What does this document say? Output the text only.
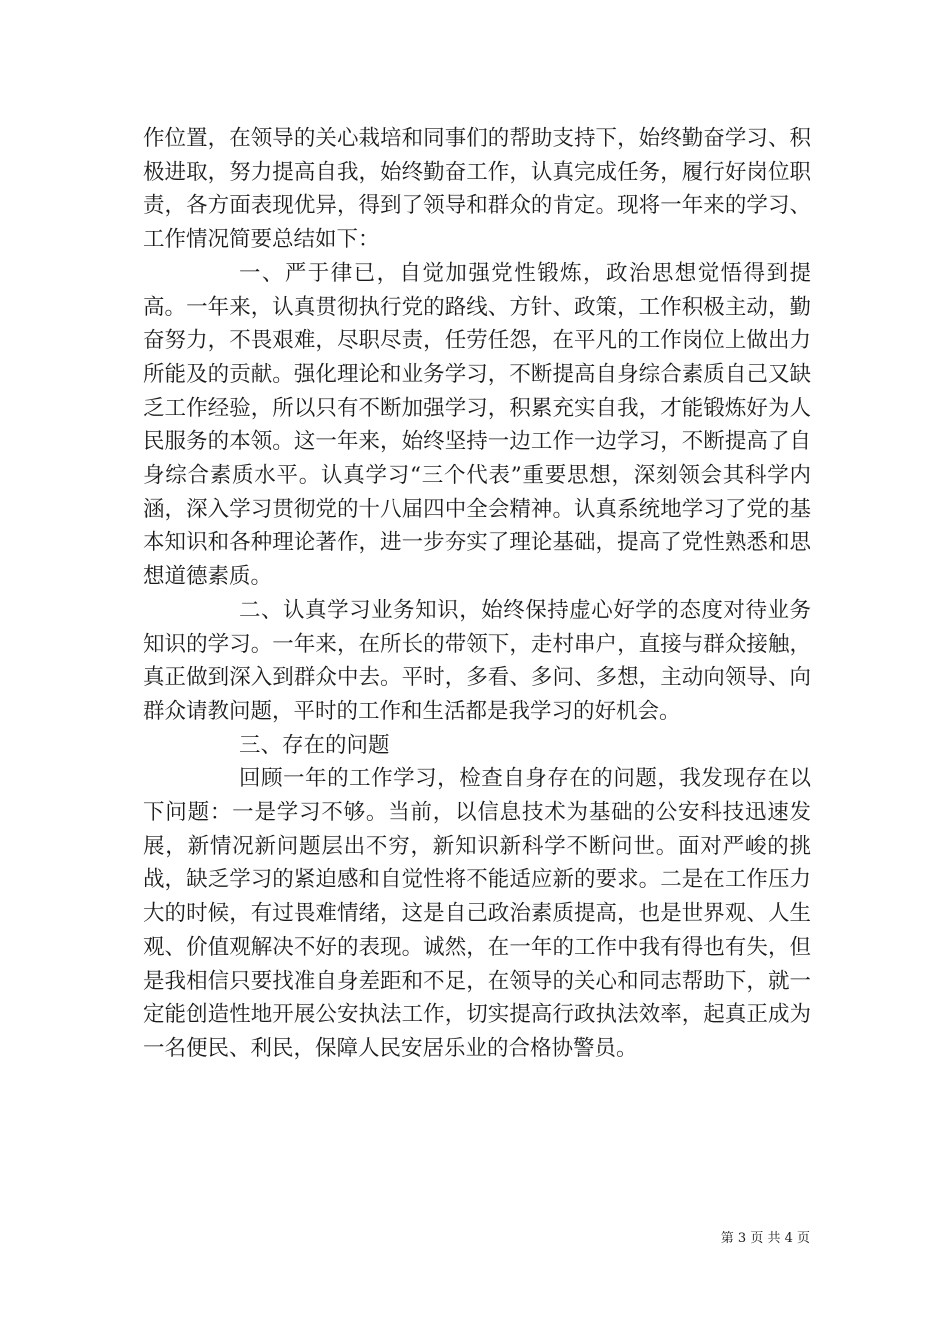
作位置，在领导的关心栽培和同事们的帮助支持下，始终勤奋学习、积极进取，努力提高自我，始终勤奋工作，认真完成任务，履行好岗位职责，各方面表现优异，得到了领导和群众的肯定。现将一年来的学习、工作情况简要总结如下：

一、严于律已，自觉加强党性锻炼，政治思想觉悟得到提高。一年来，认真贯彻执行党的路线、方针、政策，工作积极主动，勤奋努力，不畏艰难，尽职尽责，任劳任怨，在平凡的工作岗位上做出力所能及的贡献。强化理论和业务学习，不断提高自身综合素质自己又缺乏工作经验，所以只有不断加强学习，积累充实自我，才能锻炼好为人民服务的本领。这一年来，始终坚持一边工作一边学习，不断提高了自身综合素质水平。认真学习“三个代表”重要思想，深刻领会其科学内涵，深入学习贯彻党的十八届四中全会精神。认真系统地学习了党的基本知识和各种理论著作，进一步夯实了理论基础，提高了党性熟悉和思想道德素质。

二、认真学习业务知识，始终保持虚心好学的态度对待业务知识的学习。一年来，在所长的带领下，走村串户，直接与群众接触，真正做到深入到群众中去。平时，多看、多问、多想，主动向领导、向群众请教问题，平时的工作和生活都是我学习的好机会。

三、存在的问题

回顾一年的工作学习，检查自身存在的问题，我发现存在以下问题：一是学习不够。当前，以信息技术为基础的公安科技迅速发展，新情况新问题层出不穷，新知识新科学不断问世。面对严峻的挑战，缺乏学习的紧迫感和自觉性将不能适应新的要求。二是在工作压力大的时候，有过畏难情绪，这是自己政治素质提高，也是世界观、人生观、价值观解决不好的表现。诚然，在一年的工作中我有得也有失，但是我相信只要找准自身差距和不足，在领导的关心和同志帮助下，就一定能创造性地开展公安执法工作，切实提高行政执法效率，起真正成为一名便民、利民，保障人民安居乐业的合格协警员。

第 3 页 共 4 页
